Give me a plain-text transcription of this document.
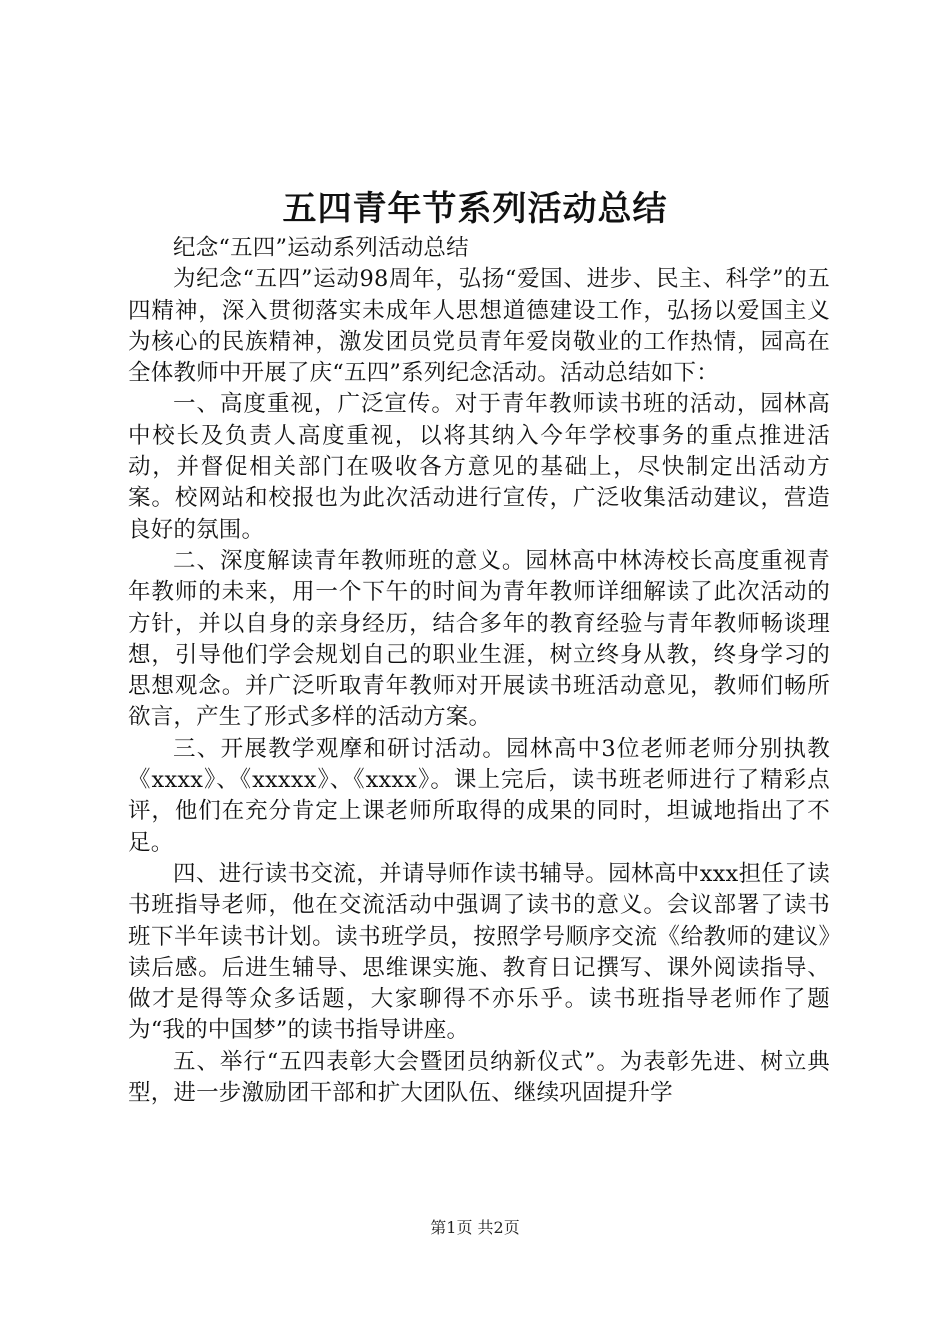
五四青年节系列活动总结

纪念“五四”运动系列活动总结

为纪念“五四”运动98周年，弘扬“爱国、进步、民主、科学”的五四精神，深入贯彻落实未成年人思想道德建设工作，弘扬以爱国主义为核心的民族精神，激发团员党员青年爱岗敬业的工作热情，园高在全体教师中开展了庆“五四”系列纪念活动。活动总结如下：

一、高度重视，广泛宣传。对于青年教师读书班的活动，园林高中校长及负责人高度重视，以将其纳入今年学校事务的重点推进活动，并督促相关部门在吸收各方意见的基础上，尽快制定出活动方案。校网站和校报也为此次活动进行宣传，广泛收集活动建议，营造良好的氛围。

二、深度解读青年教师班的意义。园林高中林涛校长高度重视青年教师的未来，用一个下午的时间为青年教师详细解读了此次活动的方针，并以自身的亲身经历，结合多年的教育经验与青年教师畅谈理想，引导他们学会规划自己的职业生涯，树立终身从教，终身学习的思想观念。并广泛听取青年教师对开展读书班活动意见，教师们畅所欲言，产生了形式多样的活动方案。

三、开展教学观摩和研讨活动。园林高中3位老师老师分别执教《xxxx》、《xxxxx》、《xxxx》。课上完后，读书班老师进行了精彩点评，他们在充分肯定上课老师所取得的成果的同时，坦诚地指出了不足。

四、进行读书交流，并请导师作读书辅导。园林高中xxx担任了读书班指导老师，他在交流活动中强调了读书的意义。会议部署了读书班下半年读书计划。读书班学员，按照学号顺序交流《给教师的建议》读后感。后进生辅导、思维课实施、教育日记撰写、课外阅读指导、做才是得等众多话题，大家聊得不亦乐乎。读书班指导老师作了题为“我的中国梦”的读书指导讲座。

五、举行“五四表彰大会暨团员纳新仪式”。为表彰先进、树立典型，进一步激励团干部和扩大团队伍、继续巩固提升学

第1页 共2页
